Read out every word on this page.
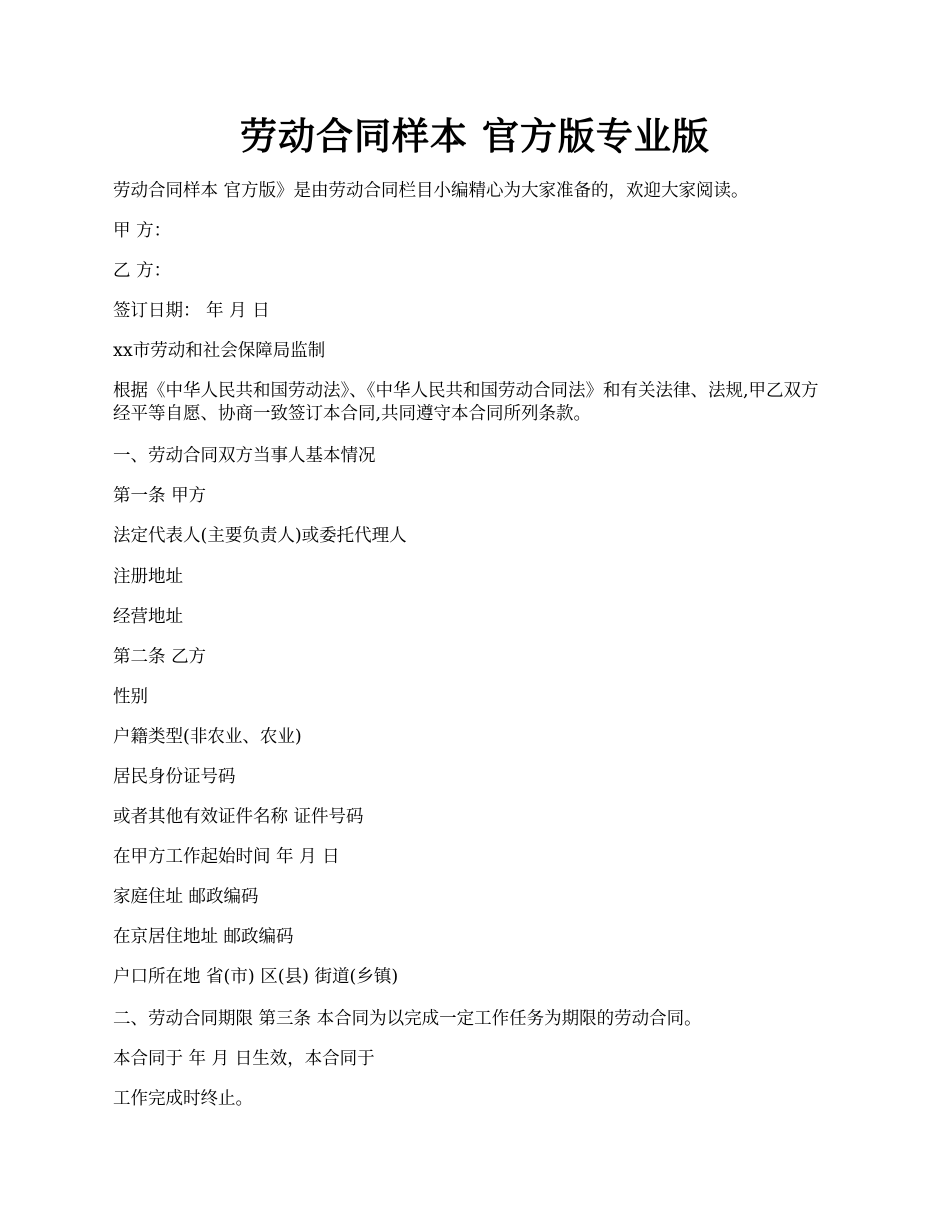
劳动合同样本 官方版专业版

劳动合同样本 官方版》是由劳动合同栏目小编精心为大家准备的，欢迎大家阅读。

甲 方：

乙 方：

签订日期： 年 月 日

xx市劳动和社会保障局监制

根据《中华人民共和国劳动法》、《中华人民共和国劳动合同法》和有关法律、法规,甲乙双方经平等自愿、协商一致签订本合同,共同遵守本合同所列条款。

一、劳动合同双方当事人基本情况

第一条 甲方

法定代表人(主要负责人)或委托代理人

注册地址

经营地址

第二条 乙方

性别

户籍类型(非农业、农业)

居民身份证号码

或者其他有效证件名称 证件号码

在甲方工作起始时间 年 月 日

家庭住址 邮政编码

在京居住地址 邮政编码

户口所在地 省(市) 区(县) 街道(乡镇)

二、劳动合同期限 第三条 本合同为以完成一定工作任务为期限的劳动合同。

本合同于 年 月 日生效，本合同于

工作完成时终止。
